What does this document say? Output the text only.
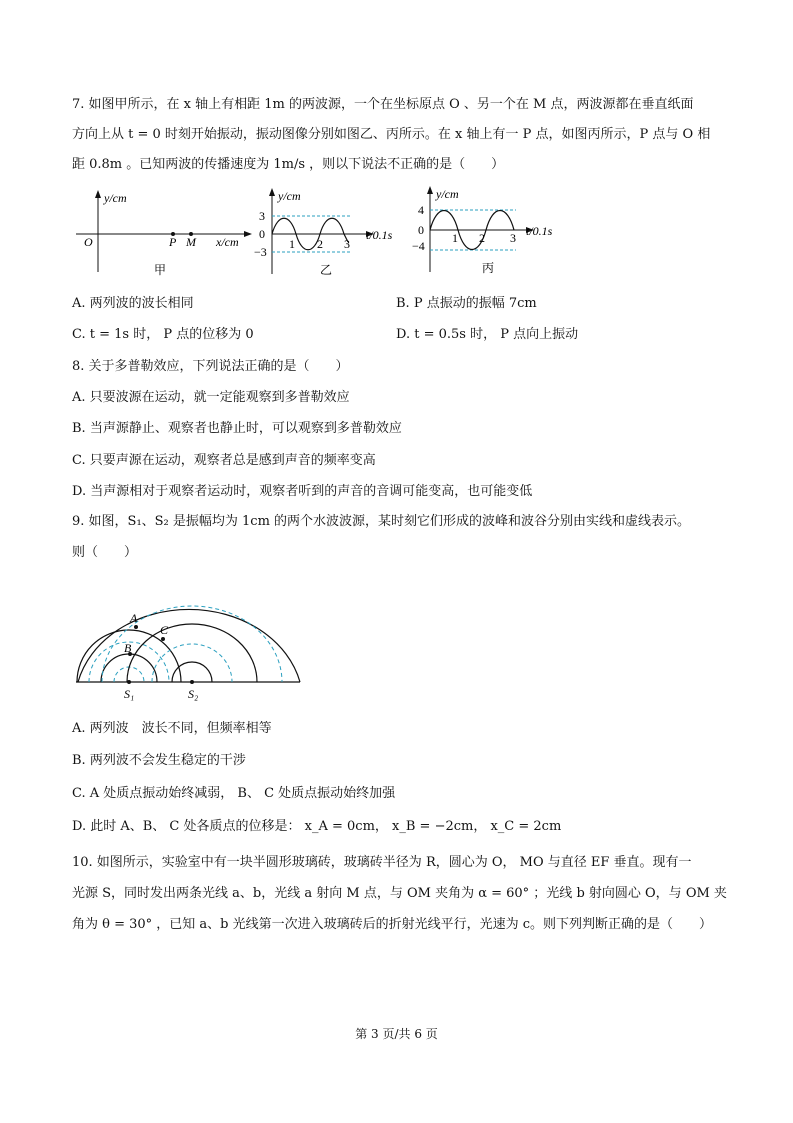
7. 如图甲所示，在 x 轴上有相距 1m 的两波源，一个在坐标原点 O 、另一个在 M 点，两波源都在垂直纸面
方向上从 t = 0 时刻开始振动，振动图像分别如图乙、丙所示。在 x 轴上有一 P 点，如图丙所示，P 点与 O 相
距 0.8m 。已知两波的传播速度为 1m/s ，则以下说法不正确的是（　　）
y/cm
O	P M x/cm
甲
y/cm
3
0
−3
1 2 3
t/0.1s
乙
y/cm
4
0
−4
1 2 3 t/0.1s
丙
A. 两列波的波长相同	B. P 点振动的振幅 7cm
C. t = 1s 时， P 点的位移为 0	D. t = 0.5s 时， P 点向上振动
8. 关于多普勒效应，下列说法正确的是（　　）
A. 只要波源在运动，就一定能观察到多普勒效应
B. 当声源静止、观察者也静止时，可以观察到多普勒效应
C. 只要声源在运动，观察者总是感到声音的频率变高
D. 当声源相对于观察者运动时，观察者听到的声音的音调可能变高，也可能变低
9. 如图，S₁、S₂ 是振幅均为 1cm 的两个水波波源，某时刻它们形成的波峰和波谷分别由实线和虚线表示。
则（　　）
A
B
C
S₁	S₂
A. 两列波　波长不同，但频率相等
B. 两列波不会发生稳定的干涉
C. A 处质点振动始终减弱， B、 C 处质点振动始终加强
D. 此时 A、B、 C 处各质点的位移是： x_A = 0cm， x_B = −2cm， x_C = 2cm
10. 如图所示，实验室中有一块半圆形玻璃砖，玻璃砖半径为 R，圆心为 O， MO 与直径 EF 垂直。现有一
光源 S，同时发出两条光线 a、b，光线 a 射向 M 点，与 OM 夹角为 α = 60° ；光线 b 射向圆心 O，与 OM 夹
角为 θ = 30° ，已知 a、b 光线第一次进入玻璃砖后的折射光线平行，光速为 c。则下列判断正确的是（　　）
第 3 页/共 6 页
